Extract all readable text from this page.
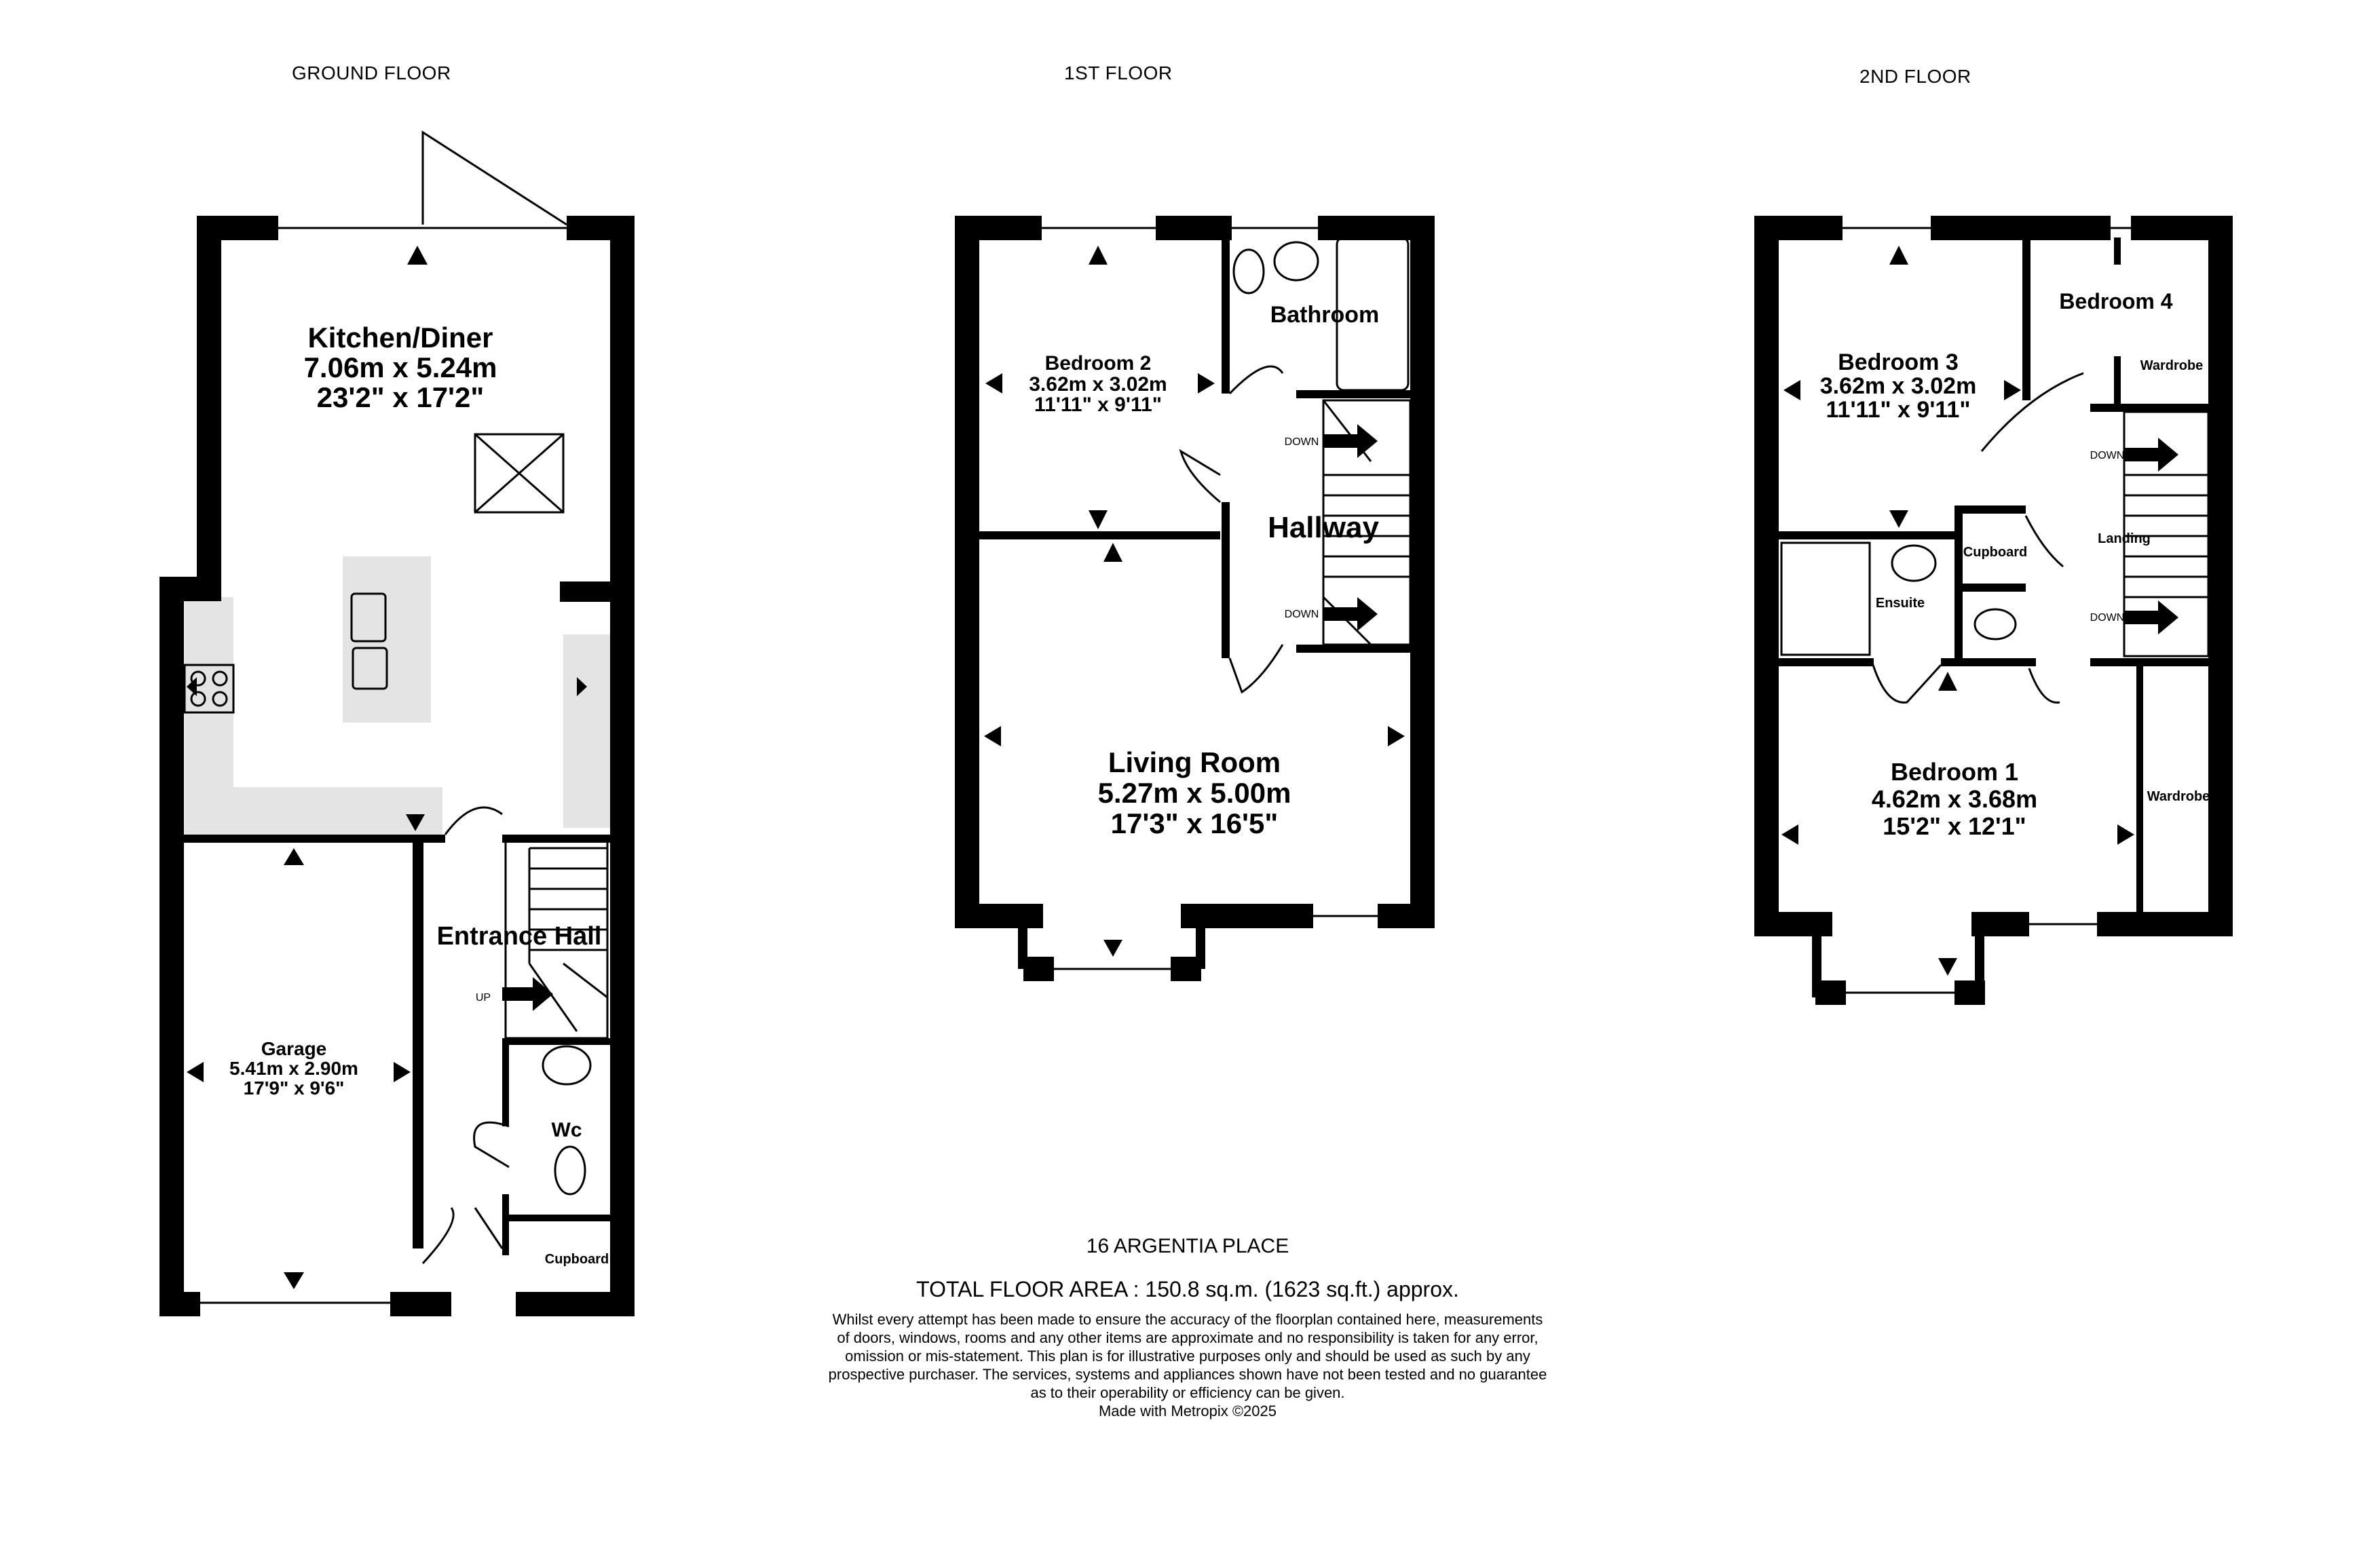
GROUND FLOOR	1ST FLOOR	2ND FLOOR
Kitchen/Diner
7.06m x 5.24m
23'2" x 17'2"
Garage
5.41m x 2.90m
17'9" x 9'6"
Entrance Hall
Wc
Cupboard
UP
Bedroom 2
3.62m x 3.02m
11'11" x 9'11"
Bathroom
Hallway
Living Room
5.27m x 5.00m
17'3" x 16'5"
DOWN
DOWN
Bedroom 3
3.62m x 3.02m
11'11" x 9'11"
Bedroom 4
Wardrobe
Cupboard
Landing
Ensuite
Bedroom 1
4.62m x 3.68m
15'2" x 12'1"
Wardrobe
DOWN
DOWN
16 ARGENTIA PLACE
TOTAL FLOOR AREA : 150.8 sq.m. (1623 sq.ft.) approx.
Whilst every attempt has been made to ensure the accuracy of the floorplan contained here, measurements
of doors, windows, rooms and any other items are approximate and no responsibility is taken for any error,
omission or mis-statement. This plan is for illustrative purposes only and should be used as such by any
prospective purchaser. The services, systems and appliances shown have not been tested and no guarantee
as to their operability or efficiency can be given.
Made with Metropix ©2025
